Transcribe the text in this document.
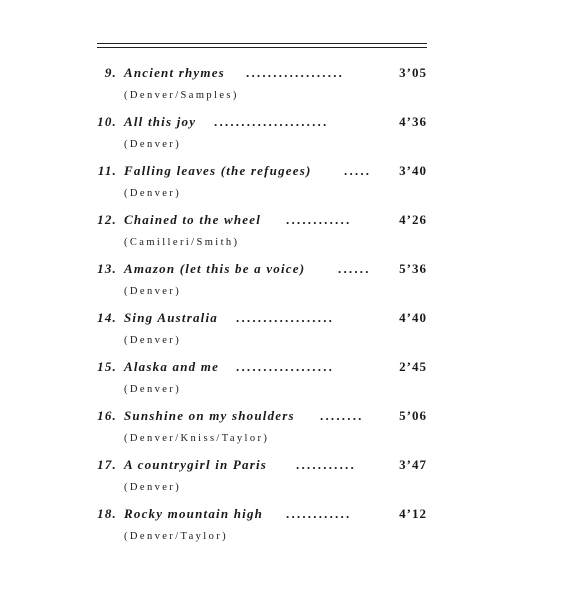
9. Ancient rhymes ..................	3’05
(Denver/Samples)
10. All this joy .....................	4’36
(Denver)
11. Falling leaves (the refugees) .....	3’40
(Denver)
12. Chained to the wheel ............	4’26
(Camilleri/Smith)
13. Amazon (let this be a voice)	......	5’36
(Denver)
14. Sing Australia ..................	4’40
(Denver)
15. Alaska and me ..................	2’45
(Denver)
16. Sunshine on my shoulders ........	5’06
(Denver/Kniss/Taylor)
17. A countrygirl in Paris ...........	3’47
(Denver)
18. Rocky mountain high ............	4’12
(Denver/Taylor)
